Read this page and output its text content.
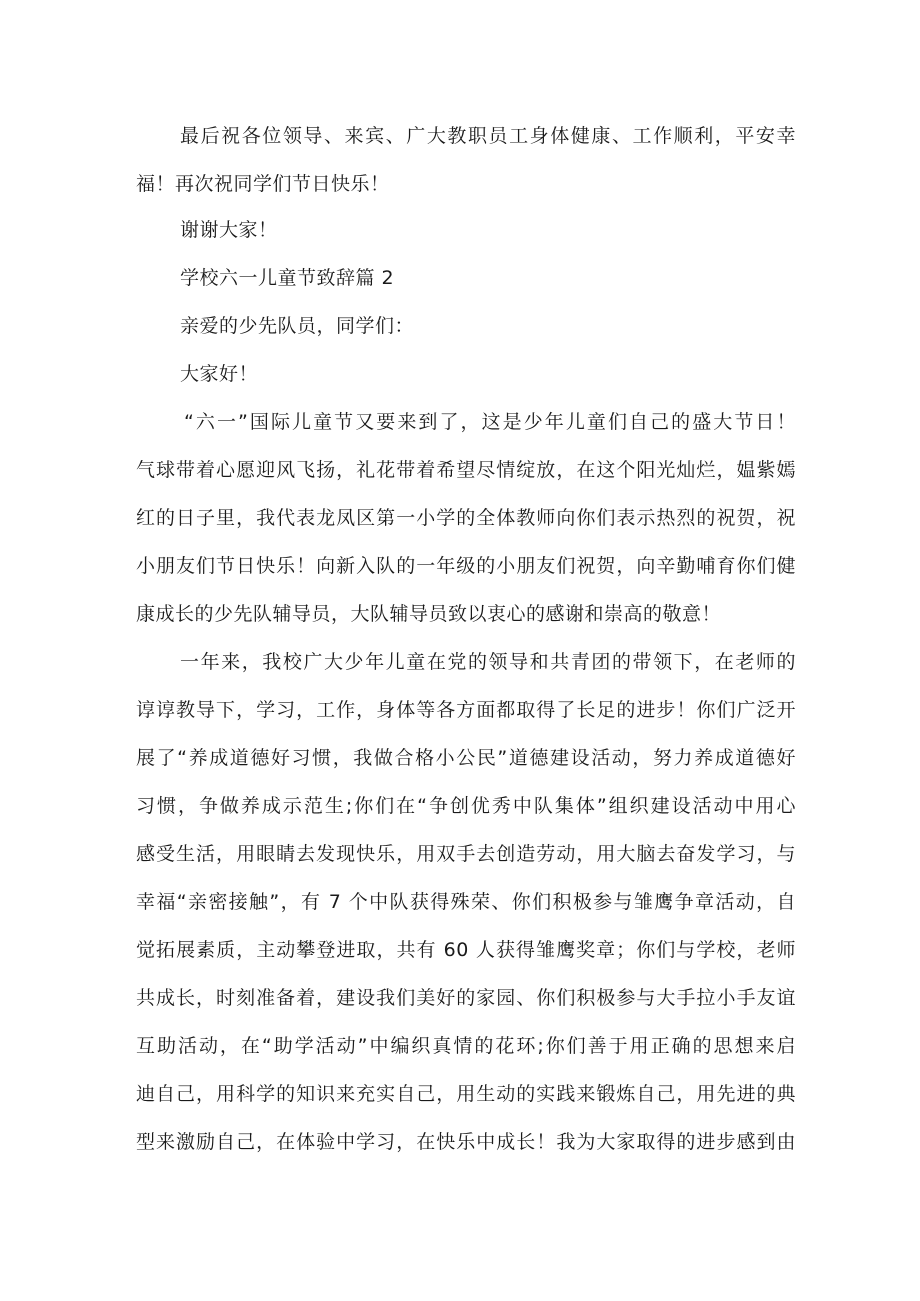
最后祝各位领导、来宾、广大教职员工身体健康、工作顺利，平安幸
福！再次祝同学们节日快乐！
谢谢大家！
学校六一儿童节致辞篇 2
亲爱的少先队员，同学们：
大家好！
“六一”国际儿童节又要来到了，这是少年儿童们自己的盛大节日！
气球带着心愿迎风飞扬，礼花带着希望尽情绽放，在这个阳光灿烂，媪紫嫣
红的日子里，我代表龙凤区第一小学的全体教师向你们表示热烈的祝贺，祝
小朋友们节日快乐！向新入队的一年级的小朋友们祝贺，向辛勤哺育你们健
康成长的少先队辅导员，大队辅导员致以衷心的感谢和崇高的敬意！
一年来，我校广大少年儿童在党的领导和共青团的带领下，在老师的
谆谆教导下，学习，工作，身体等各方面都取得了长足的进步！你们广泛开
展了“养成道德好习惯，我做合格小公民”道德建设活动，努力养成道德好
习惯，争做养成示范生;你们在“争创优秀中队集体”组织建设活动中用心
感受生活，用眼睛去发现快乐，用双手去创造劳动，用大脑去奋发学习，与
幸福“亲密接触”，有 7 个中队获得殊荣、你们积极参与雏鹰争章活动，自
觉拓展素质，主动攀登进取，共有 60 人获得雏鹰奖章；你们与学校，老师
共成长，时刻准备着，建设我们美好的家园、你们积极参与大手拉小手友谊
互助活动，在“助学活动”中编织真情的花环;你们善于用正确的思想来启
迪自己，用科学的知识来充实自己，用生动的实践来锻炼自己，用先进的典
型来激励自己，在体验中学习，在快乐中成长！我为大家取得的进步感到由
